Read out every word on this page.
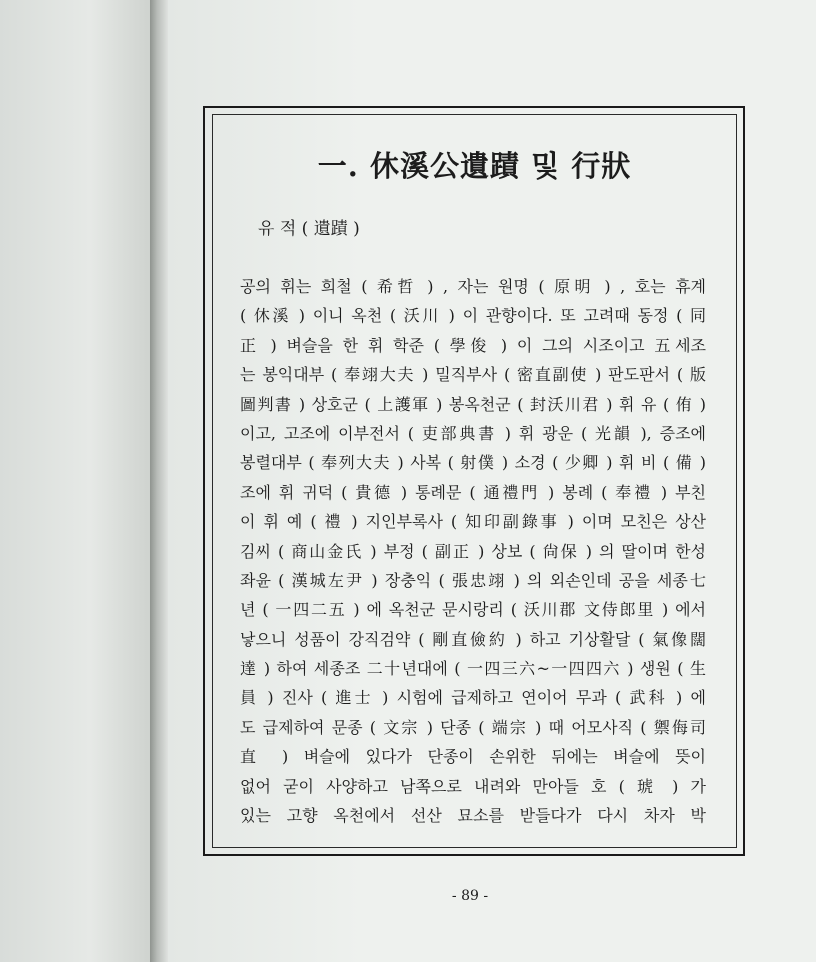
一. 休溪公遺蹟 및 行狀
유 적 ( 遺蹟 )
공의 휘는 희철 ( 希哲 ) , 자는 원명 ( 原明 ) , 호는 휴계
( 休溪 ) 이니 옥천 ( 沃川 ) 이 관향이다. 또 고려때 동정 ( 同
正 ) 벼슬을 한 휘 학준 ( 學俊 ) 이 그의 시조이고 五세조
는 봉익대부 ( 奉翊大夫 ) 밀직부사 ( 密直副使 ) 판도판서 ( 版
圖判書 ) 상호군 ( 上護軍 ) 봉옥천군 ( 封沃川君 ) 휘 유 ( 侑 )
이고, 고조에 이부전서 ( 吏部典書 ) 휘 광운 ( 光韻 ), 증조에
봉렬대부 ( 奉列大夫 ) 사복 ( 射僕 ) 소경 ( 少卿 ) 휘 비 ( 備 )
조에 휘 귀덕 ( 貴德 ) 통례문 ( 通禮門 ) 봉례 ( 奉禮 ) 부친
이 휘 예 ( 禮 ) 지인부록사 ( 知印副錄事 ) 이며 모친은 상산
김씨 ( 商山金氏 ) 부정 ( 副正 ) 상보 ( 尙保 ) 의 딸이며 한성
좌윤 ( 漢城左尹 ) 장충익 ( 張忠翊 ) 의 외손인데 공을 세종七
년 ( 一四二五 ) 에 옥천군 문시랑리 ( 沃川郡 文侍郎里 ) 에서
낳으니 성품이 강직검약 ( 剛直儉約 ) 하고 기상활달 ( 氣像闊
達 ) 하여 세종조 二十년대에 ( 一四三六~一四四六 ) 생원 ( 生
員 ) 진사 ( 進士 ) 시험에 급제하고 연이어 무과 ( 武科 ) 에
도 급제하여 문종 ( 文宗 ) 단종 ( 端宗 ) 때 어모사직 ( 禦侮司
直 ) 벼슬에 있다가 단종이 손위한 뒤에는 벼슬에 뜻이
없어 굳이 사양하고 남쪽으로 내려와 만아들 호 ( 琥 ) 가
있는 고향 옥천에서 선산 묘소를 받들다가 다시 차자 박
- 89 -
